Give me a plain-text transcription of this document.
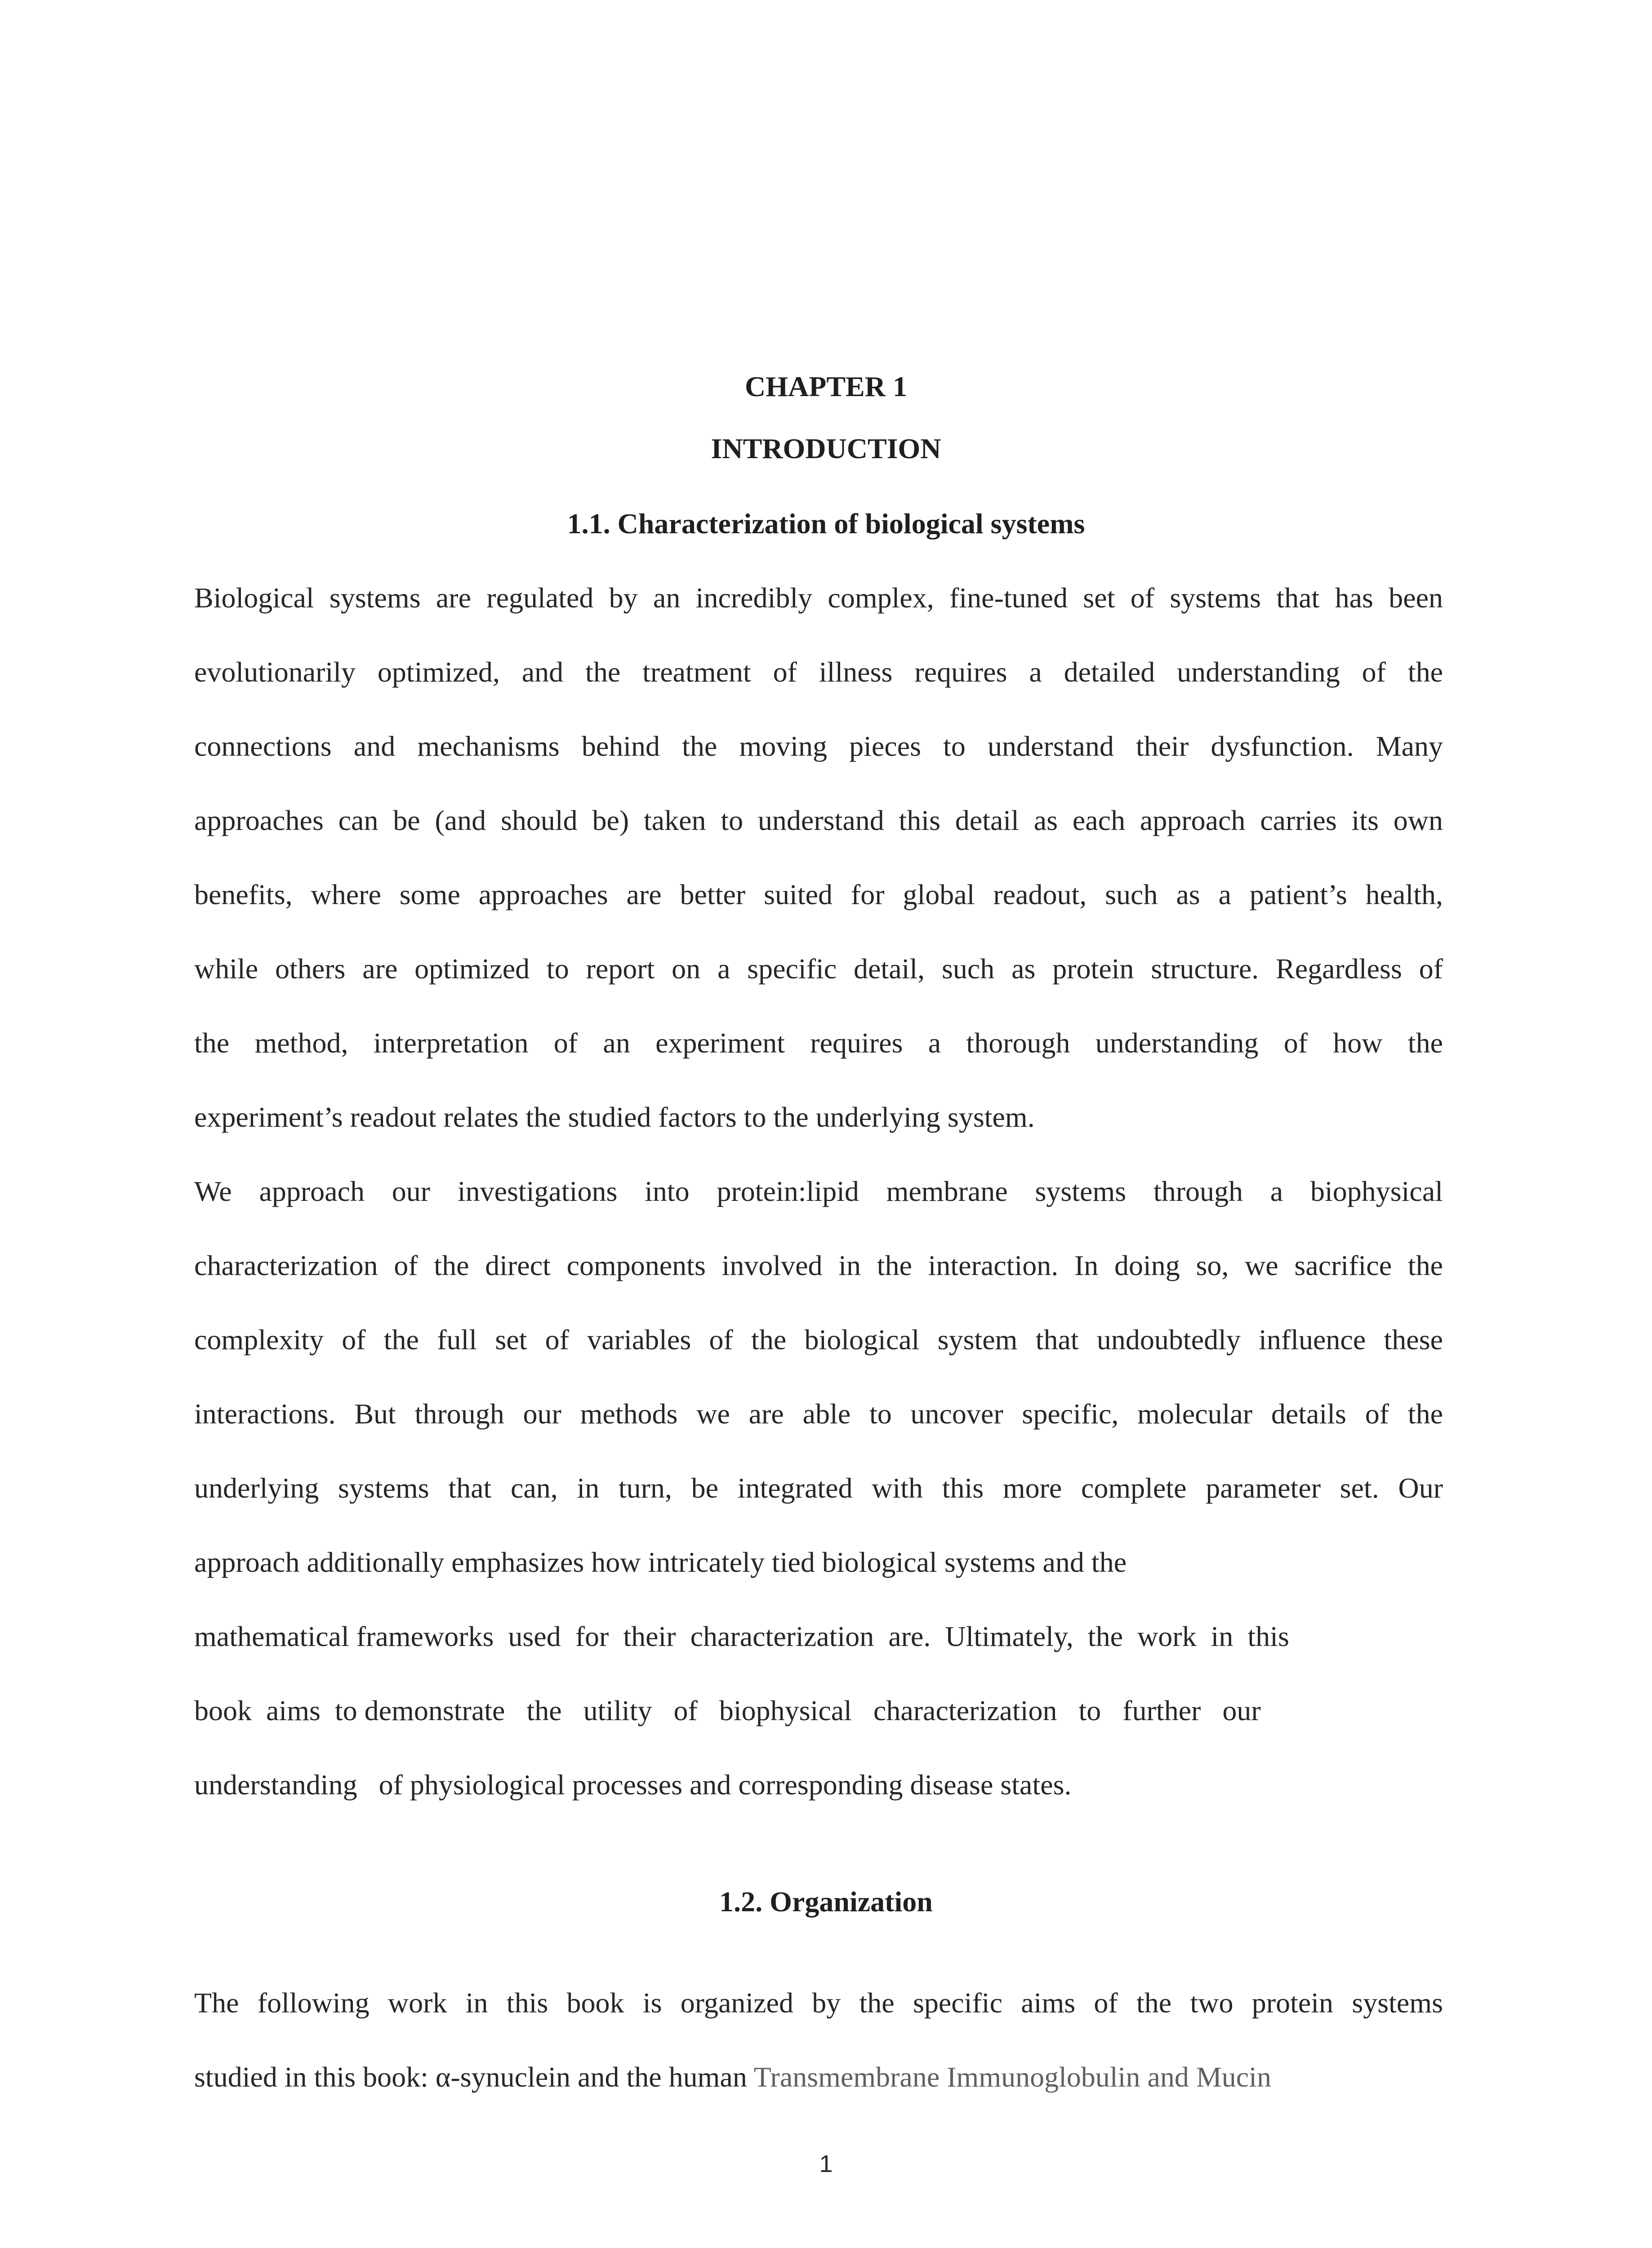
CHAPTER 1
INTRODUCTION
1.1. Characterization of biological systems
Biological systems are regulated by an incredibly complex, fine-tuned set of systems that has been
evolutionarily optimized, and the treatment of illness requires a detailed understanding of the
connections and mechanisms behind the moving pieces to understand their dysfunction. Many
approaches can be (and should be) taken to understand this detail as each approach carries its own
benefits, where some approaches are better suited for global readout, such as a patient’s health,
while others are optimized to report on a specific detail, such as protein structure. Regardless of
the method, interpretation of an experiment requires a thorough understanding of how the
experiment’s readout relates the studied factors to the underlying system.
We approach our investigations into protein:lipid membrane systems through a biophysical
characterization of the direct components involved in the interaction. In doing so, we sacrifice the
complexity of the full set of variables of the biological system that undoubtedly influence these
interactions. But through our methods we are able to uncover specific, molecular details of the
underlying systems that can, in turn, be integrated with this more complete parameter set. Our
approach additionally emphasizes how intricately tied biological systems and the
mathematical frameworks  used  for  their  characterization  are.  Ultimately,  the  work  in  this
book  aims  to demonstrate   the   utility   of   biophysical   characterization   to   further   our
understanding   of physiological processes and corresponding disease states.
1.2. Organization
The following work in this book is organized by the specific aims of the two protein systems
studied in this book: α-synuclein and the human Transmembrane Immunoglobulin and Mucin
1
